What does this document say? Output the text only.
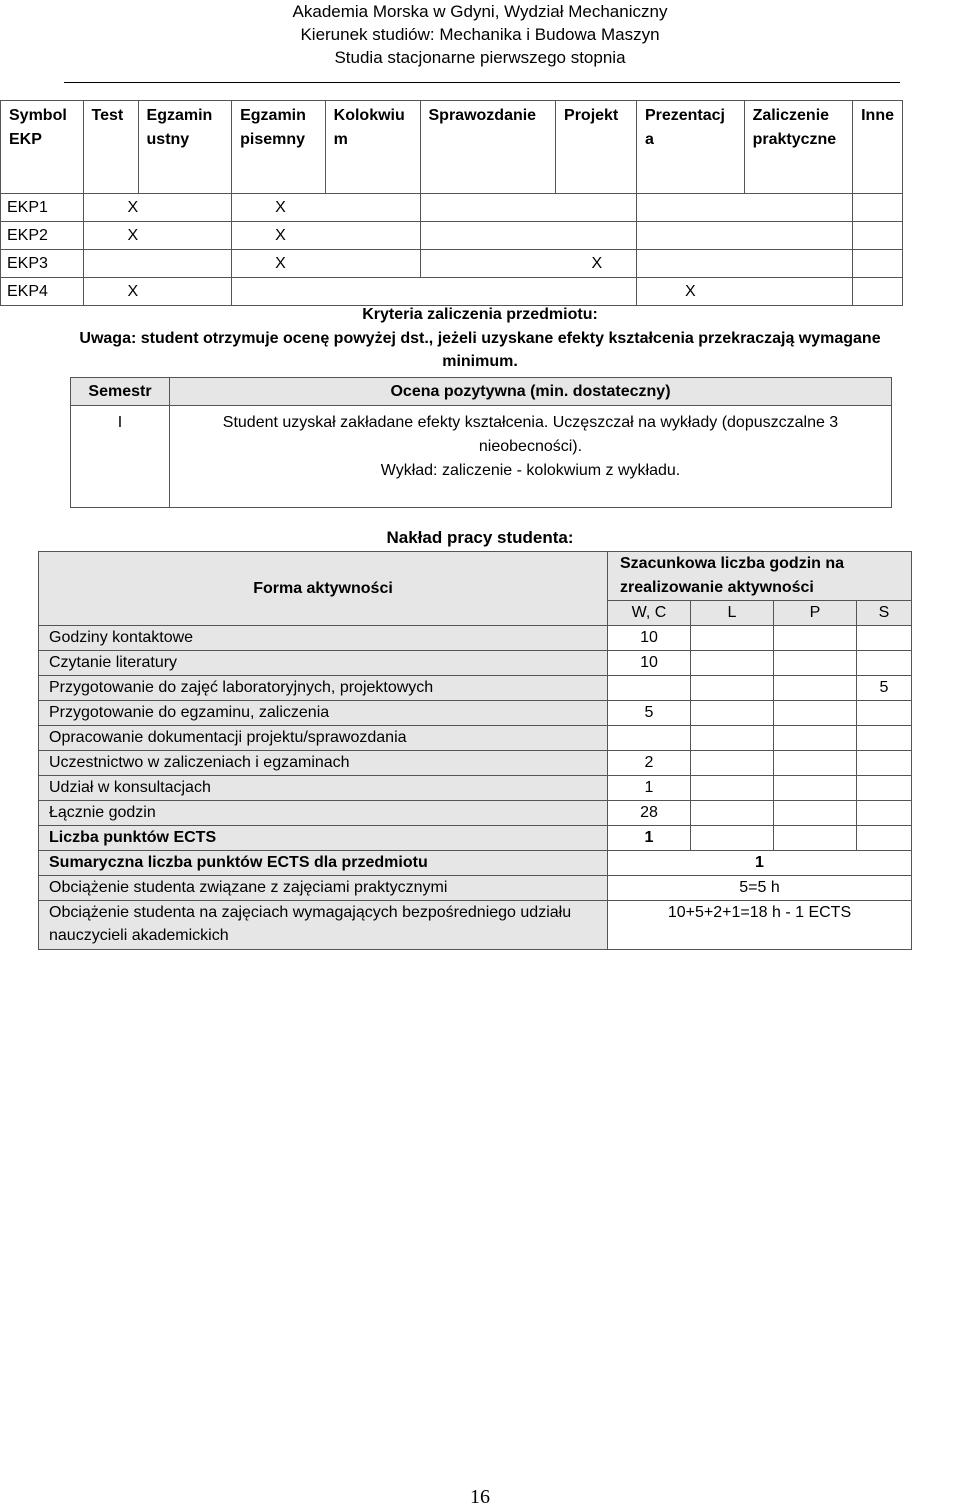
Akademia Morska w Gdyni, Wydział Mechaniczny
Kierunek studiów: Mechanika i Budowa Maszyn
Studia stacjonarne pierwszego stopnia
Symbol EKP	Test	Egzamin ustny	Egzamin pisemny	Kolokwiu m	Sprawozdanie	Projekt	Prezentacj a	Zaliczenie praktyczne	Inne
EKP1	X		X						
EKP2	X		X						
EKP3			X		X				
EKP4	X						X		
Kryteria zaliczenia przedmiotu:
Uwaga: student otrzymuje ocenę powyżej dst., jeżeli uzyskane efekty kształcenia przekraczają wymagane minimum.
Semestr	Ocena pozytywna (min. dostateczny)
I	Student uzyskał zakładane efekty kształcenia. Uczęszczał na wykłady (dopuszczalne 3 nieobecności).
Wykład: zaliczenie - kolokwium z wykładu.
Nakład pracy studenta:
Forma aktywności	Szacunkowa liczba godzin na zrealizowanie aktywności			
	W, C	L	P	S
Godziny kontaktowe	10			
Czytanie literatury	10			
Przygotowanie do zajęć laboratoryjnych, projektowych				5
Przygotowanie do egzaminu, zaliczenia	5			
Opracowanie dokumentacji projektu/sprawozdania				
Uczestnictwo w zaliczeniach i egzaminach	2			
Udział w konsultacjach	1			
Łącznie godzin	28			
Liczba punktów ECTS	1			
Sumaryczna liczba punktów ECTS dla przedmiotu	1			
Obciążenie studenta związane z zajęciami praktycznymi	5=5 h			
Obciążenie studenta na zajęciach wymagających bezpośredniego udziału nauczycieli akademickich	10+5+2+1=18 h - 1 ECTS			
16
